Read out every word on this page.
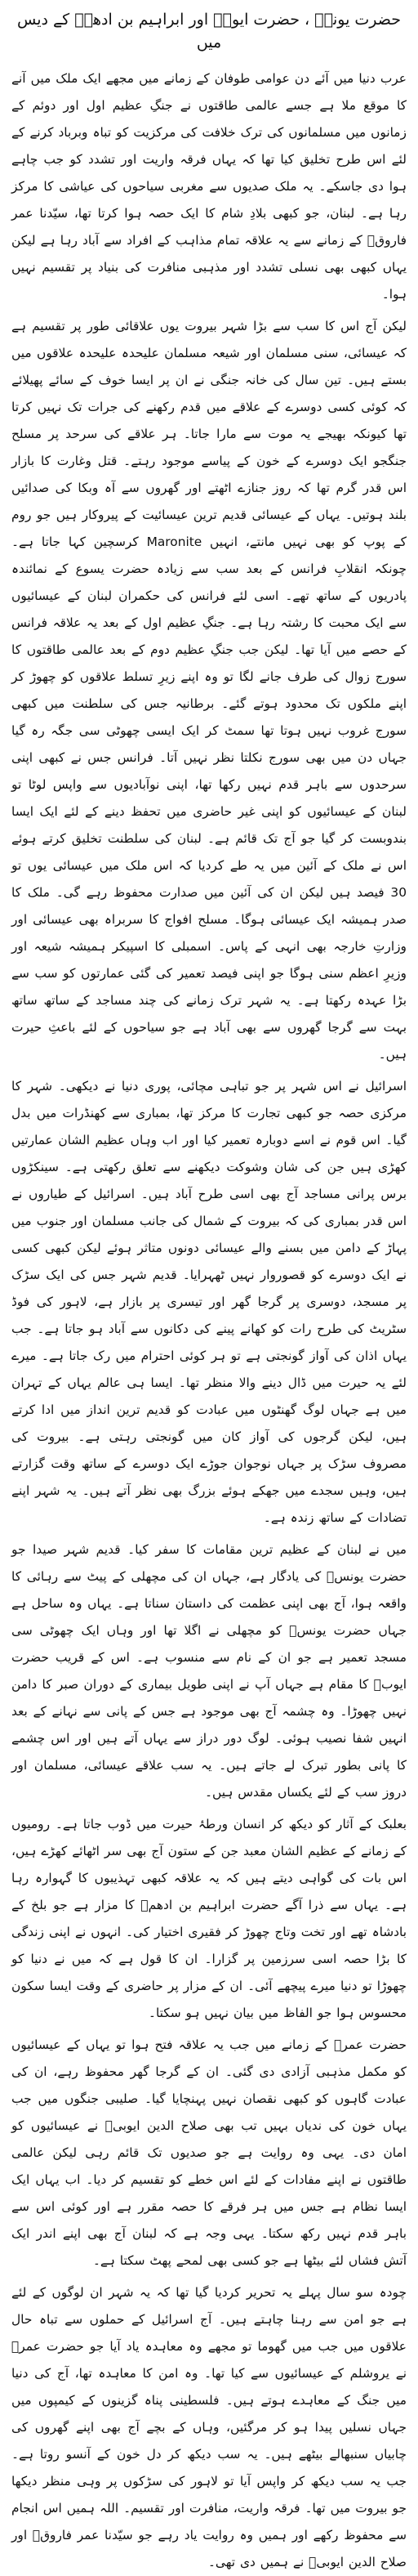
حضرت یونسؑ ، حضرت ایوبؑ اور ابراہیم بن ادھمؒ کے دیس میں

عرب دنیا میں آئے دن عوامی طوفان کے زمانے میں مجھے ایک ملک میں آنے کا موقع ملا ہے جسے عالمی طاقتوں نے جنگِ عظیم اول اور دوئم کے زمانوں میں مسلمانوں کی ترک خلافت کی مرکزیت کو تباہ وبرباد کرنے کے لئے اس طرح تخلیق کیا تھا کہ یہاں فرقہ واریت اور تشدد کو جب چاہے ہوا دی جاسکے۔ یہ ملک صدیوں سے مغربی سیاحوں کی عیاشی کا مرکز رہا ہے۔ لبنان، جو کبھی بلادِ شام کا ایک حصہ ہوا کرتا تھا، سیّدنا عمر فاروقؓ کے زمانے سے یہ علاقہ تمام مذاہب کے افراد سے آباد رہا ہے لیکن یہاں کبھی بھی نسلی تشدد اور مذہبی منافرت کی بنیاد پر تقسیم نہیں ہوا۔

لیکن آج اس کا سب سے بڑا شہر بیروت یوں علاقائی طور پر تقسیم ہے کہ عیسائی، سنی مسلمان اور شیعہ مسلمان علیحدہ علیحدہ علاقوں میں بستے ہیں۔ تین سال کی خانہ جنگی نے ان پر ایسا خوف کے سائے پھیلائے کہ کوئی کسی دوسرے کے علاقے میں قدم رکھنے کی جرات تک نہیں کرتا تھا کیونکہ بھیجے یہ موت سے مارا جاتا۔ ہر علاقے کی سرحد پر مسلح جنگجو ایک دوسرے کے خون کے پیاسے موجود رہتے۔ قتل وغارت کا بازار اس قدر گرم تھا کہ روز جنازے اٹھتے اور گھروں سے آہ وبکا کی صدائیں بلند ہوتیں۔ یہاں کے عیسائی قدیم ترین عیسائیت کے پیروکار ہیں جو روم کے پوپ کو بھی نہیں مانتے، انہیں Maronite کرسچین کہا جاتا ہے۔ چونکہ انقلابِ فرانس کے بعد سب سے زیادہ حضرت یسوع کے نمائندہ پادریوں کے ساتھ تھے۔ اسی لئے فرانس کی حکمران لبنان کے عیسائیوں سے ایک محبت کا رشتہ رہا ہے۔ جنگِ عظیم اول کے بعد یہ علاقہ فرانس کے حصے میں آیا تھا۔ لیکن جب جنگِ عظیم دوم کے بعد عالمی طاقتوں کا سورج زوال کی طرف جانے لگا تو وہ اپنے زیرِ تسلط علاقوں کو چھوڑ کر اپنے ملکوں تک محدود ہوتے گئے۔ برطانیہ جس کی سلطنت میں کبھی سورج غروب نہیں ہوتا تھا سمٹ کر ایک ایسی چھوٹی سی جگہ رہ گیا جہاں دن میں بھی سورج نکلتا نظر نہیں آتا۔ فرانس جس نے کبھی اپنی سرحدوں سے باہر قدم نہیں رکھا تھا، اپنی نوآبادیوں سے واپس لوٹا تو لبنان کے عیسائیوں کو اپنی غیر حاضری میں تحفظ دینے کے لئے ایک ایسا بندوبست کر گیا جو آج تک قائم ہے۔ لبنان کی سلطنت تخلیق کرتے ہوئے اس نے ملک کے آئین میں یہ طے کردیا کہ اس ملک میں عیسائی یوں تو 30 فیصد ہیں لیکن ان کی آئین میں صدارت محفوظ رہے گی۔ ملک کا صدر ہمیشہ ایک عیسائی ہوگا۔ مسلح افواج کا سربراہ بھی عیسائی اور وزارتِ خارجہ بھی انہی کے پاس۔ اسمبلی کا اسپیکر ہمیشہ شیعہ اور وزیرِ اعظم سنی ہوگا جو اپنی فیصد تعمیر کی گئی عمارتوں کو سب سے بڑا عہدہ رکھتا ہے۔ یہ شہر ترک زمانے کی چند مساجد کے ساتھ ساتھ بہت سے گرجا گھروں سے بھی آباد ہے جو سیاحوں کے لئے باعثِ حیرت ہیں۔

اسرائیل نے اس شہر پر جو تباہی مچائی، پوری دنیا نے دیکھی۔ شہر کا مرکزی حصہ جو کبھی تجارت کا مرکز تھا، بمباری سے کھنڈرات میں بدل گیا۔ اس قوم نے اسے دوبارہ تعمیر کیا اور اب وہاں عظیم الشان عمارتیں کھڑی ہیں جن کی شان وشوکت دیکھنے سے تعلق رکھتی ہے۔ سینکڑوں برس پرانی مساجد آج بھی اسی طرح آباد ہیں۔ اسرائیل کے طیاروں نے اس قدر بمباری کی کہ بیروت کے شمال کی جانب مسلمان اور جنوب میں پہاڑ کے دامن میں بسنے والے عیسائی دونوں متاثر ہوئے لیکن کبھی کسی نے ایک دوسرے کو قصوروار نہیں ٹھہرایا۔ قدیم شہر جس کی ایک سڑک پر مسجد، دوسری پر گرجا گھر اور تیسری پر بازار ہے، لاہور کی فوڈ سٹریٹ کی طرح رات کو کھانے پینے کی دکانوں سے آباد ہو جاتا ہے۔ جب یہاں اذان کی آواز گونجتی ہے تو ہر کوئی احترام میں رک جاتا ہے۔ میرے لئے یہ حیرت میں ڈال دینے والا منظر تھا۔ ایسا ہی عالم یہاں کے تہران میں ہے جہاں لوگ گھنٹوں میں عبادت کو قدیم ترین انداز میں ادا کرتے ہیں، لیکن گرجوں کی آواز کان میں گونجتی رہتی ہے۔ بیروت کی مصروف سڑک پر جہاں نوجوان جوڑے ایک دوسرے کے ساتھ وقت گزارتے ہیں، وہیں سجدے میں جھکے ہوئے بزرگ بھی نظر آتے ہیں۔ یہ شہر اپنے تضادات کے ساتھ زندہ ہے۔

میں نے لبنان کے عظیم ترین مقامات کا سفر کیا۔ قدیم شہر صیدا جو حضرت یونسؑ کی یادگار ہے، جہاں ان کی مچھلی کے پیٹ سے رہائی کا واقعہ ہوا، آج بھی اپنی عظمت کی داستان سناتا ہے۔ یہاں وہ ساحل ہے جہاں حضرت یونسؑ کو مچھلی نے اگلا تھا اور وہاں ایک چھوٹی سی مسجد تعمیر ہے جو ان کے نام سے منسوب ہے۔ اس کے قریب حضرت ایوبؑ کا مقام ہے جہاں آپ نے اپنی طویل بیماری کے دوران صبر کا دامن نہیں چھوڑا۔ وہ چشمہ آج بھی موجود ہے جس کے پانی سے نہانے کے بعد انہیں شفا نصیب ہوئی۔ لوگ دور دراز سے یہاں آتے ہیں اور اس چشمے کا پانی بطور تبرک لے جاتے ہیں۔ یہ سب علاقے عیسائی، مسلمان اور دروز سب کے لئے یکساں مقدس ہیں۔

بعلبک کے آثار کو دیکھ کر انسان ورطۂ حیرت میں ڈوب جاتا ہے۔ رومیوں کے زمانے کے عظیم الشان معبد جن کے ستون آج بھی سر اٹھائے کھڑے ہیں، اس بات کی گواہی دیتے ہیں کہ یہ علاقہ کبھی تہذیبوں کا گہوارہ رہا ہے۔ یہاں سے ذرا آگے حضرت ابراہیم بن ادھمؒ کا مزار ہے جو بلخ کے بادشاہ تھے اور تخت وتاج چھوڑ کر فقیری اختیار کی۔ انہوں نے اپنی زندگی کا بڑا حصہ اسی سرزمین پر گزارا۔ ان کا قول ہے کہ میں نے دنیا کو چھوڑا تو دنیا میرے پیچھے آئی۔ ان کے مزار پر حاضری کے وقت ایسا سکون محسوس ہوا جو الفاظ میں بیان نہیں ہو سکتا۔

حضرت عمرؓ کے زمانے میں جب یہ علاقہ فتح ہوا تو یہاں کے عیسائیوں کو مکمل مذہبی آزادی دی گئی۔ ان کے گرجا گھر محفوظ رہے، ان کی عبادت گاہوں کو کبھی نقصان نہیں پہنچایا گیا۔ صلیبی جنگوں میں جب یہاں خون کی ندیاں بہیں تب بھی صلاح الدین ایوبیؒ نے عیسائیوں کو امان دی۔ یہی وہ روایت ہے جو صدیوں تک قائم رہی لیکن عالمی طاقتوں نے اپنے مفادات کے لئے اس خطے کو تقسیم کر دیا۔ اب یہاں ایک ایسا نظام ہے جس میں ہر فرقے کا حصہ مقرر ہے اور کوئی اس سے باہر قدم نہیں رکھ سکتا۔ یہی وجہ ہے کہ لبنان آج بھی اپنے اندر ایک آتش فشاں لئے بیٹھا ہے جو کسی بھی لمحے پھٹ سکتا ہے۔

چودہ سو سال پہلے یہ تحریر کردیا گیا تھا کہ یہ شہر ان لوگوں کے لئے ہے جو امن سے رہنا چاہتے ہیں۔ آج اسرائیل کے حملوں سے تباہ حال علاقوں میں جب میں گھوما تو مجھے وہ معاہدہ یاد آیا جو حضرت عمرؓ نے یروشلم کے عیسائیوں سے کیا تھا۔ وہ امن کا معاہدہ تھا، آج کی دنیا میں جنگ کے معاہدے ہوتے ہیں۔ فلسطینی پناہ گزینوں کے کیمپوں میں جہاں نسلیں پیدا ہو کر مرگئیں، وہاں کے بچے آج بھی اپنے گھروں کی چابیاں سنبھالے بیٹھے ہیں۔ یہ سب دیکھ کر دل خون کے آنسو روتا ہے۔ جب یہ سب دیکھ کر واپس آیا تو لاہور کی سڑکوں پر وہی منظر دیکھا جو بیروت میں تھا۔ فرقہ واریت، منافرت اور تقسیم۔ اللہ ہمیں اس انجام سے محفوظ رکھے اور ہمیں وہ روایت یاد رہے جو سیّدنا عمر فاروقؓ اور صلاح الدین ایوبیؒ نے ہمیں دی تھی۔
